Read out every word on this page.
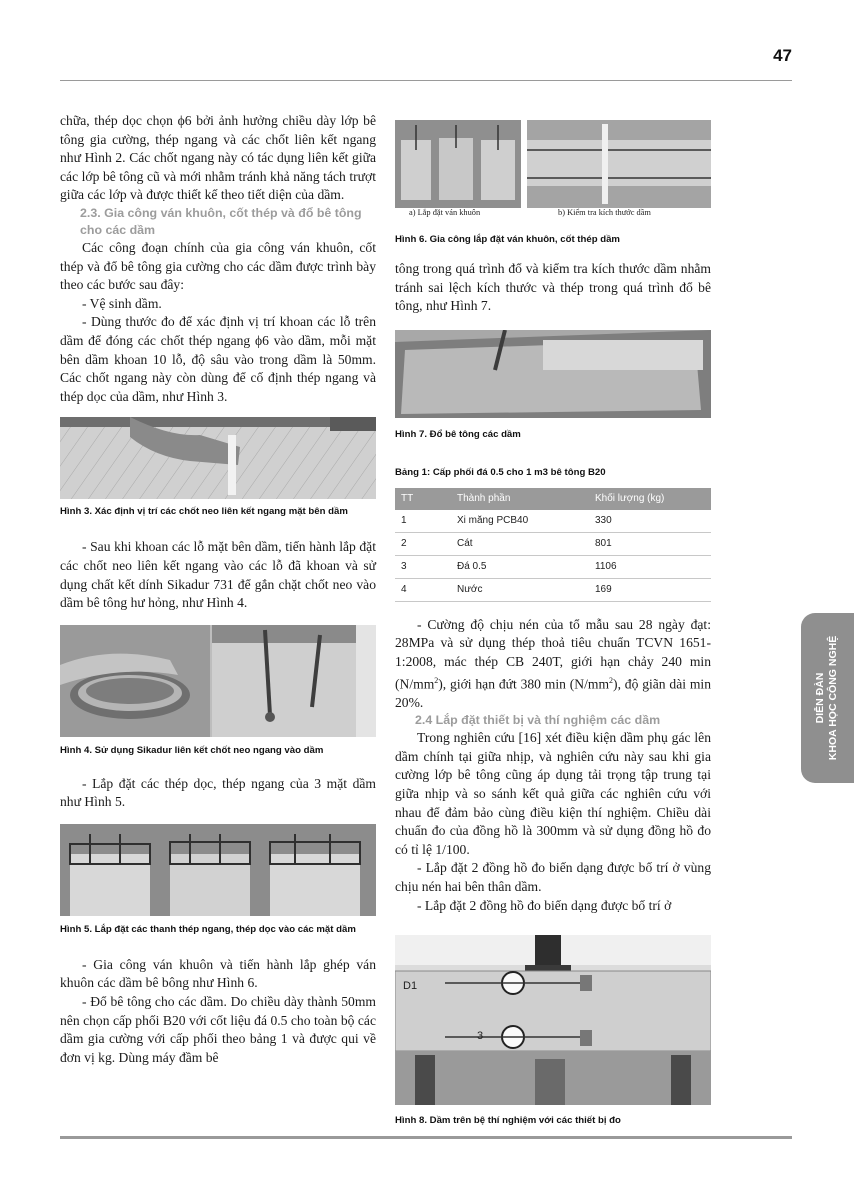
47

chữa, thép dọc chọn ϕ6 bởi ảnh hưởng chiều dày lớp bê tông gia cường, thép ngang và các chốt liên kết ngang như Hình 2. Các chốt ngang này có tác dụng liên kết giữa các lớp bê tông cũ và mới nhằm tránh khả năng tách trượt giữa các lớp và được thiết kế theo tiết diện của dầm.

2.3. Gia công ván khuôn, cốt thép và đổ bê tông cho các dầm

Các công đoạn chính của gia công ván khuôn, cốt thép và đổ bê tông gia cường cho các dầm được trình bày theo các bước sau đây:

- Vệ sinh dầm.

- Dùng thước đo để xác định vị trí khoan các lỗ trên dầm để đóng các chốt thép ngang ϕ6 vào dầm, mỗi mặt bên dầm khoan 10 lỗ, độ sâu vào trong dầm là 50mm. Các chốt ngang này còn dùng để cố định thép ngang và thép dọc của dầm, như Hình 3.

Hình 3. Xác định vị trí các chốt neo liên kết ngang mặt bên dầm

- Sau khi khoan các lỗ mặt bên dầm, tiến hành lắp đặt các chốt neo liên kết ngang vào các lỗ đã khoan và sử dụng chất kết dính Sikadur 731 để gắn chặt chốt neo vào dầm bê tông hư hỏng, như Hình 4.

Hình 4. Sử dụng Sikadur liên kết chốt neo ngang vào dầm

- Lắp đặt các thép dọc, thép ngang của 3 mặt dầm như Hình 5.

Hình 5. Lắp đặt các thanh thép ngang, thép dọc vào các mặt dầm

- Gia công ván khuôn và tiến hành lắp ghép ván khuôn các dầm bê bông như Hình 6.

- Đổ bê tông cho các dầm. Do chiều dày thành 50mm nên chọn cấp phối B20 với cốt liệu đá 0.5 cho toàn bộ các dầm gia cường với cấp phối theo bảng 1 và được qui về đơn vị kg. Dùng máy đầm bê

a) Lắp đặt ván khuôn	b) Kiểm tra kích thước dầm

Hình 6. Gia công lắp đặt ván khuôn, cốt thép dầm

tông trong quá trình đổ và kiểm tra kích thước dầm nhằm tránh sai lệch kích thước và thép trong quá trình đổ bê tông, như Hình 7.

Hình 7. Đổ bê tông các dầm

Bảng 1: Cấp phối đá 0.5 cho 1 m3 bê tông B20

TT	Thành phần	Khối lượng (kg)
1	Xi măng PCB40	330
2	Cát	801
3	Đá 0.5	1106
4	Nước	169

- Cường độ chịu nén của tổ mẫu sau 28 ngày đạt: 28MPa và sử dụng thép thoả tiêu chuẩn TCVN 1651-1:2008, mác thép CB 240T, giới hạn chảy 240 $\min (N/mm^2)$, giới hạn đứt 380 $\min (N/mm^2)$, độ giãn dài min 20%.

2.4 Lắp đặt thiết bị và thí nghiệm các dầm

Trong nghiên cứu [16] xét điều kiện dầm phụ gác lên dầm chính tại giữa nhịp, và nghiên cứu này sau khi gia cường lớp bê tông cũng áp dụng tải trọng tập trung tại giữa nhịp và so sánh kết quả giữa các nghiên cứu với nhau để đảm bảo cùng điều kiện thí nghiệm. Chiều dài chuẩn đo của đồng hồ là 300mm và sử dụng đồng hồ đo có tỉ lệ 1/100.

- Lắp đặt 2 đồng hồ đo biến dạng được bố trí ở vùng chịu nén hai bên thân dầm.

- Lắp đặt 2 đồng hồ đo biến dạng được bố trí ở

D1
3

Hình 8. Dầm trên bệ thí nghiệm với các thiết bị đo

DIỄN ĐÀN KHOA HỌC CÔNG NGHỆ
